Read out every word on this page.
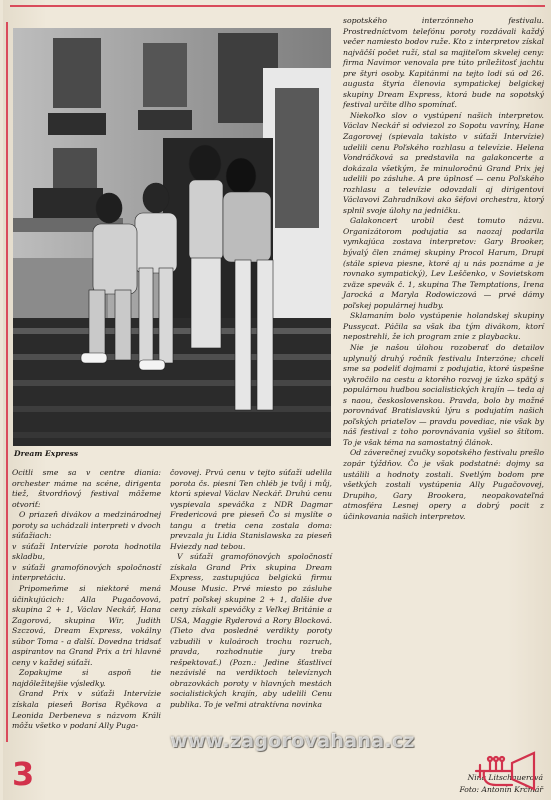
Dream Express

Ocitli sme sa v centre diania: orchester máme na scéne, dirigenta tiež, štvordňový festival môžeme otvoriť:

O priazeň divákov a medzinárodnej poroty sa uchádzali interpreti v dvoch súťažiach:

v súťaži Intervízie porota hodnotila skladbu,

v súťaži gramofónových spoločností interpretáciu.

Pripomeňme si niektoré mená účinkujúcich: Alla Pugačovová, skupina 2 + 1, Václav Neckář, Hana Zagorová, skupina Wir, Judith Szczová, Dream Express, vokálny súbor Toma - a ďalší. Dovedna tridsať aspirantov na Grand Prix a tri hlavné ceny v každej súťaži.

Zopakujme si aspoň tie najdôležitejšie výsledky.

Grand Prix v súťaži Intervízie získala pieseň Borisa Ryčkova a Leonida Derbeneva s názvom Králi môžu všetko v podaní Ally Puga-

čovovej. Prvú cenu v tejto súťaži udelila porota čs. piesni Ten chléb je tvůj i můj, ktorú spieval Václav Neckář. Druhú cenu vyspievala speváčka z NDR Dagmar Fredericová pre pieseň Čo si myslíte o tangu a tretia cena zostala doma: prevzala ju Lidia Stanislawska za pieseň Hviezdy nad tebou.

V súťaži gramofónových spoločností získala Grand Prix skupina Dream Express, zastupujúca belgickú firmu Mouse Music. Prvé miesto po zásluhe patrí poľskej skupine 2 + 1, ďalšie dve ceny získali speváčky z Veľkej Británie a USA, Maggie Ryderová a Rory Blocková. (Tieto dva posledné verdikty poroty vzbudili v kuloároch trochu rozruch, pravda, rozhodnutie jury treba rešpektovať.) (Pozn.: Jedine šťastlivci nezávislé na verdiktoch televíznych obrazovkách poroty v hlavných mestách socialistických krajín, aby udelili Cenu publika. To je veľmi atraktívna novinka

sopotského interzónneho festivalu. Prostredníctvom telefónu poroty rozdávali každý večer namiesto bodov ruže. Kto z interpretov získal najväčší počet ruží, stal sa majiteľom skvelej ceny: firma Navimor venovala pre túto príležitosť jachtu pre štyri osoby. Kapitánmi na tejto lodi sú od 26. augusta štyria členovia sympatickej belgickej skupiny Dream Express, ktorá bude na sopotský festival určite dlho spomínať.

Niekoľko slov o vystúpení našich interpretov. Václav Neckář si odviezol zo Sopotu vavríny, Hane Zagorovej (spievala takisto v súťaži Intervízie) udelili cenu Poľského rozhlasu a televízie. Helena Vondráčková sa predstavila na galakoncerte a dokázala všetkým, že minuloročnú Grand Prix jej udelili po zásluhe. A pre úplnosť — cenu Poľského rozhlasu a televízie odovzdali aj dirigentovi Václavovi Zahradníkovi ako šéfovi orchestra, ktorý splnil svoje úlohy na jedničku.

Galakoncert urobil čest tomuto názvu. Organizátorom podujatia sa naozaj podarila vymkajúca zostava interpretov: Gary Brooker, bývalý člen známej skupiny Procol Harum, Drupi (stále spieva piesne, ktoré aj u nás poznáme a je rovnako sympatický), Lev Leščenko, v Sovietskom zväze spevák č. 1, skupina The Temptations, Irena Jarocká a Maryla Rodowiczová — prvé dámy poľskej populárnej hudby.

Sklamaním bolo vystúpenie holandskej skupiny Pussycat. Páčila sa však iba tým divákom, ktorí nepostrehli, že ich program znie z playbacku.

Nie je našou úlohou rozoberať do detailov uplynulý druhý ročník festivalu Interzóne; chceli sme sa podeliť dojmami z podujatia, ktoré úspešne vykročilo na cestu a ktorého rozvoj je úzko spätý s populárnou hudbou socialistických krajín — teda aj s naou, československou. Pravda, bolo by možné porovnávať Bratislavskú lýru s podujatím našich poľských priateľov — pravdu povediac, nie však by náš festival z toho porovnávania vyšiel so štítom. To je však téma na samostatný článok.

Od záverečnej zvučky sopotského festivalu prešlo zopár týždňov. Čo je však podstatné: dojmy sa ustálili a hodnoty zostali. Svetlým bodom pre všetkých zostali vystúpenia Ally Pugačovovej, Drupiho, Gary Brookera, neopakovateľná atmosféra Lesnej opery a dobrý pocit z účinkovania našich interpretov.

Nina Litschauerová
Foto: Antonín Krčmář
www.zagorovahana.cz
3
